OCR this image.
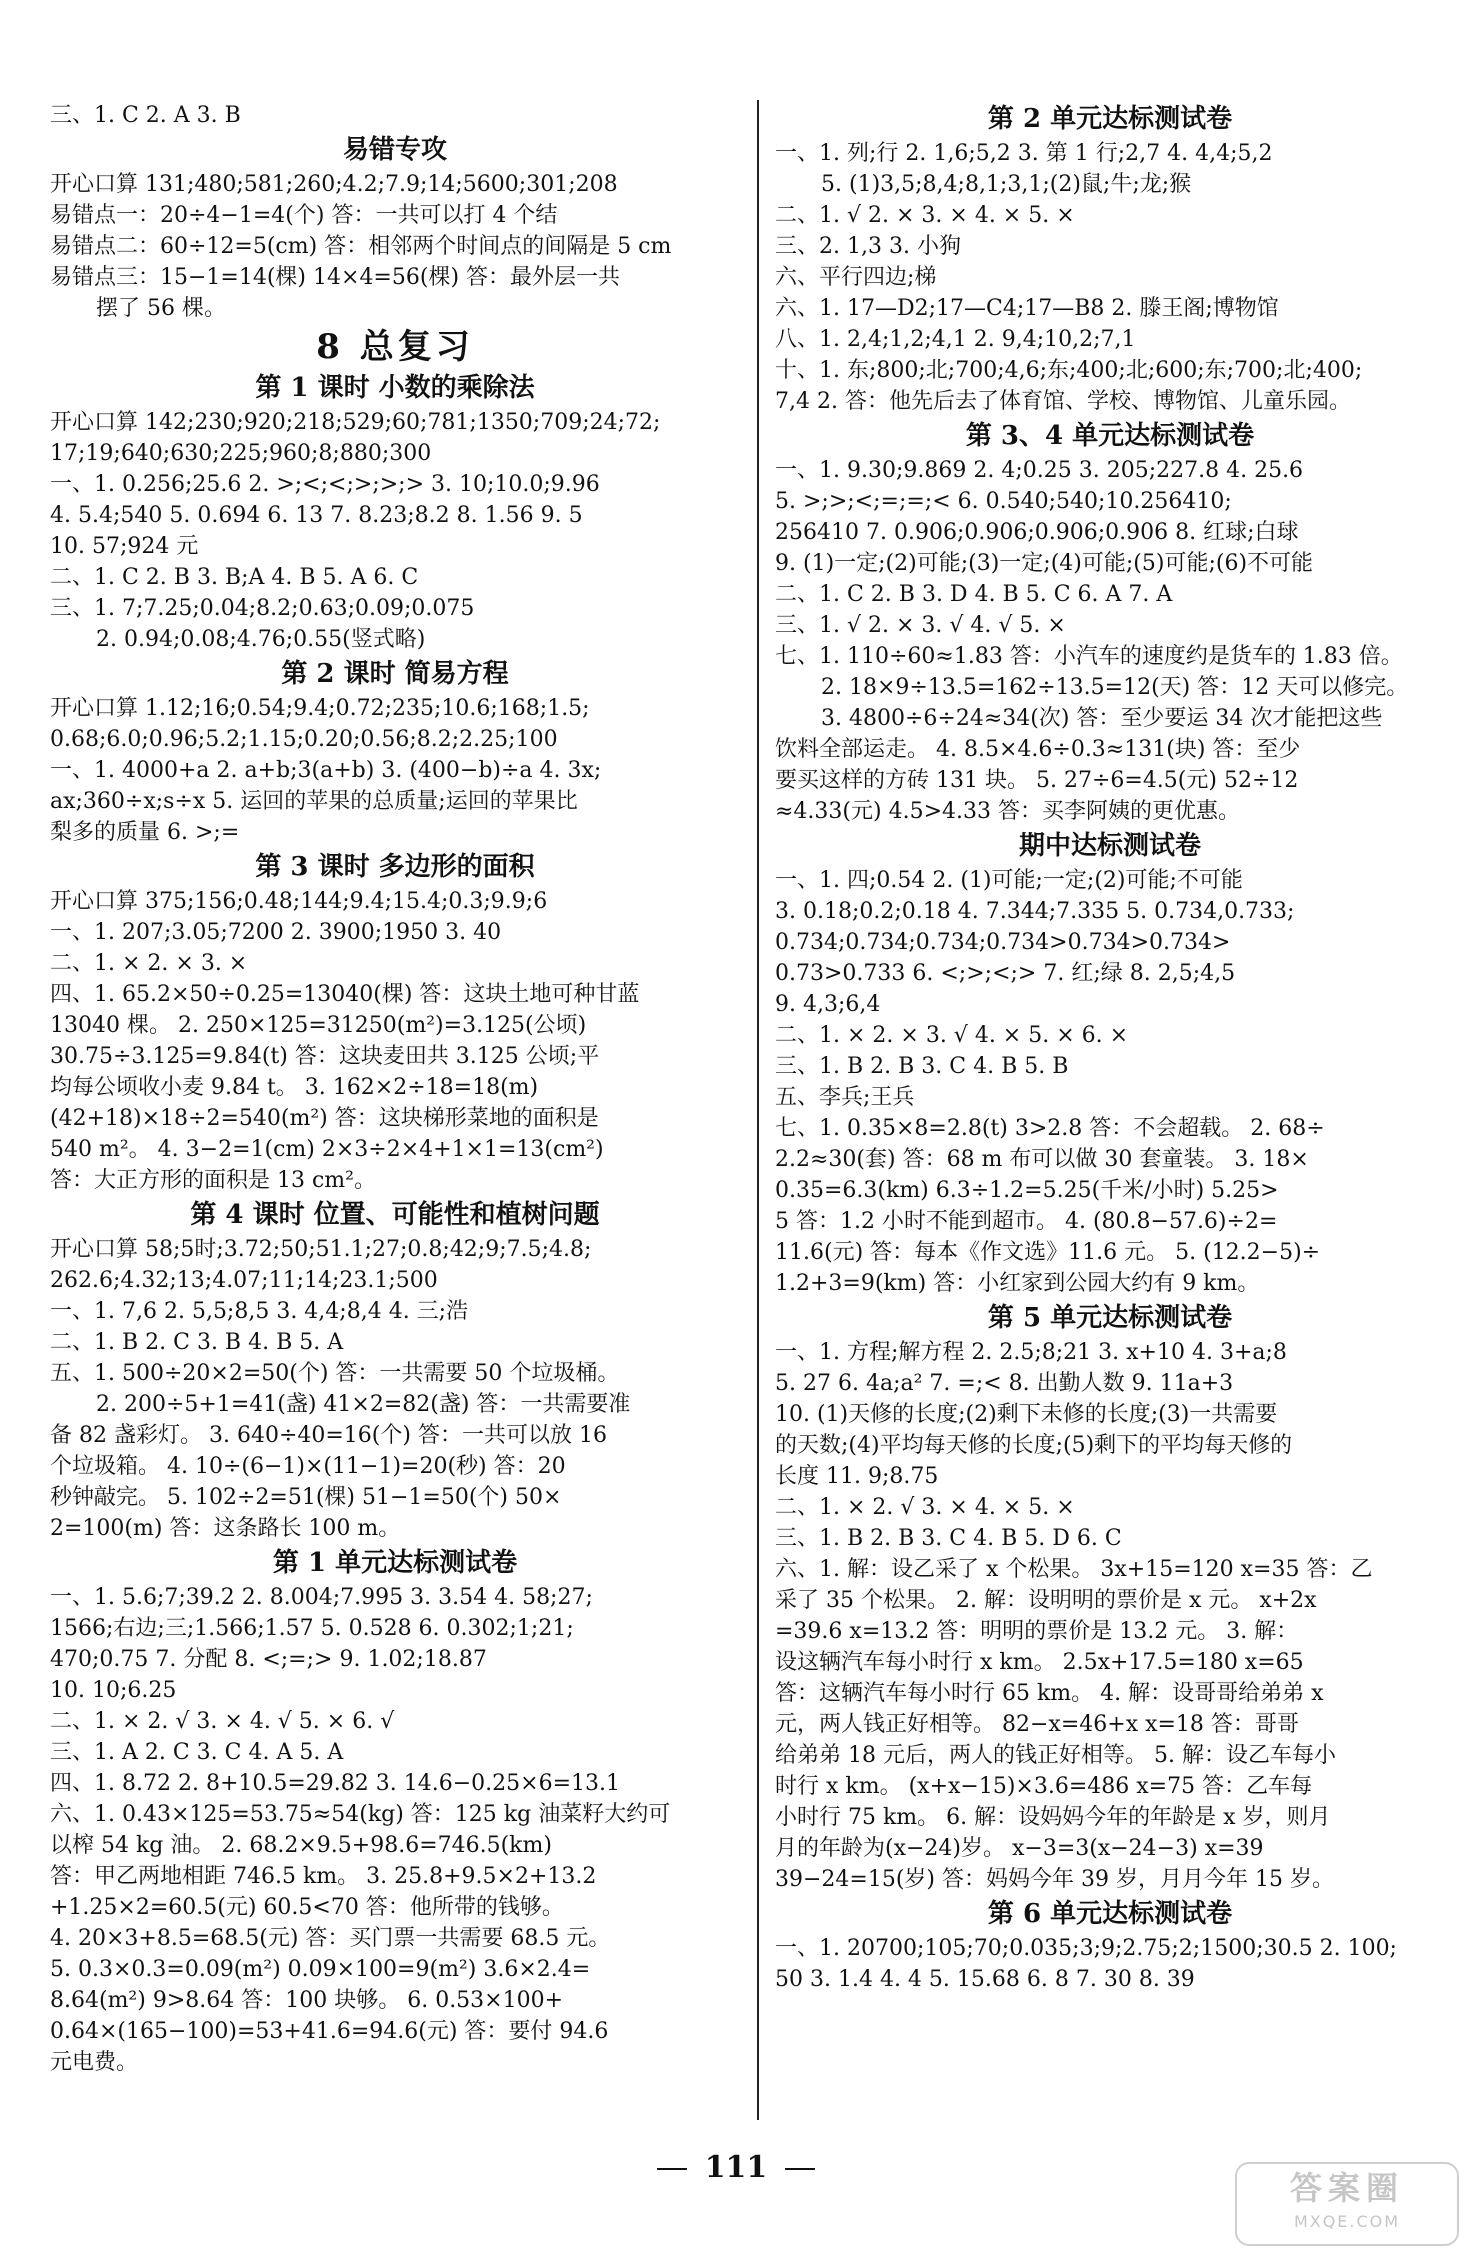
三、1. C 2. A 3. B
易错专攻
开心口算 131;480;581;260;4.2;7.9;14;5600;301;208
易错点一：20÷4−1=4(个) 答：一共可以打 4 个结
易错点二：60÷12=5(cm) 答：相邻两个时间点的间隔是 5 cm
易错点三：15−1=14(棵) 14×4=56(棵) 答：最外层一共
摆了 56 棵。
8 总复习
第 1 课时 小数的乘除法
开心口算 142;230;920;218;529;60;781;1350;709;24;72;
17;19;640;630;225;960;8;880;300
一、1. 0.256;25.6 2. >;<;<;>;>;> 3. 10;10.0;9.96
4. 5.4;540 5. 0.694 6. 13 7. 8.23;8.2 8. 1.56 9. 5
10. 57;924 元
二、1. C 2. B 3. B;A 4. B 5. A 6. C
三、1. 7;7.25;0.04;8.2;0.63;0.09;0.075
2. 0.94;0.08;4.76;0.55(竖式略)
第 2 课时 简易方程
开心口算 1.12;16;0.54;9.4;0.72;235;10.6;168;1.5;
0.68;6.0;0.96;5.2;1.15;0.20;0.56;8.2;2.25;100
一、1. 4000+a 2. a+b;3(a+b) 3. (400−b)÷a 4. 3x;
ax;360÷x;s÷x 5. 运回的苹果的总质量;运回的苹果比
梨多的质量 6. >;=
第 3 课时 多边形的面积
开心口算 375;156;0.48;144;9.4;15.4;0.3;9.9;6
一、1. 207;3.05;7200 2. 3900;1950 3. 40
二、1. × 2. × 3. ×
四、1. 65.2×50÷0.25=13040(棵) 答：这块土地可种甘蓝
13040 棵。 2. 250×125=31250(m²)=3.125(公顷)
30.75÷3.125=9.84(t) 答：这块麦田共 3.125 公顷;平
均每公顷收小麦 9.84 t。 3. 162×2÷18=18(m)
(42+18)×18÷2=540(m²) 答：这块梯形菜地的面积是
540 m²。 4. 3−2=1(cm) 2×3÷2×4+1×1=13(cm²)
答：大正方形的面积是 13 cm²。
第 4 课时 位置、可能性和植树问题
开心口算 58;5时;3.72;50;51.1;27;0.8;42;9;7.5;4.8;
262.6;4.32;13;4.07;11;14;23.1;500
一、1. 7,6 2. 5,5;8,5 3. 4,4;8,4 4. 三;浩
二、1. B 2. C 3. B 4. B 5. A
五、1. 500÷20×2=50(个) 答：一共需要 50 个垃圾桶。
2. 200÷5+1=41(盏) 41×2=82(盏) 答：一共需要准
备 82 盏彩灯。 3. 640÷40=16(个) 答：一共可以放 16
个垃圾箱。 4. 10÷(6−1)×(11−1)=20(秒) 答：20
秒钟敲完。 5. 102÷2=51(棵) 51−1=50(个) 50×
2=100(m) 答：这条路长 100 m。
第 1 单元达标测试卷
一、1. 5.6;7;39.2 2. 8.004;7.995 3. 3.54 4. 58;27;
1566;右边;三;1.566;1.57 5. 0.528 6. 0.302;1;21;
470;0.75 7. 分配 8. <;=;> 9. 1.02;18.87
10. 10;6.25
二、1. × 2. √ 3. × 4. √ 5. × 6. √
三、1. A 2. C 3. C 4. A 5. A
四、1. 8.72 2. 8+10.5=29.82 3. 14.6−0.25×6=13.1
六、1. 0.43×125=53.75≈54(kg) 答：125 kg 油菜籽大约可
以榨 54 kg 油。 2. 68.2×9.5+98.6=746.5(km)
答：甲乙两地相距 746.5 km。 3. 25.8+9.5×2+13.2
+1.25×2=60.5(元) 60.5<70 答：他所带的钱够。
4. 20×3+8.5=68.5(元) 答：买门票一共需要 68.5 元。
5. 0.3×0.3=0.09(m²) 0.09×100=9(m²) 3.6×2.4=
8.64(m²) 9>8.64 答：100 块够。 6. 0.53×100+
0.64×(165−100)=53+41.6=94.6(元) 答：要付 94.6
元电费。
第 2 单元达标测试卷
一、1. 列;行 2. 1,6;5,2 3. 第 1 行;2,7 4. 4,4;5,2
5. (1)3,5;8,4;8,1;3,1;(2)鼠;牛;龙;猴
二、1. √ 2. × 3. × 4. × 5. ×
三、2. 1,3 3. 小狗
六、平行四边;梯
六、1. 17—D2;17—C4;17—B8 2. 滕王阁;博物馆
八、1. 2,4;1,2;4,1 2. 9,4;10,2;7,1
十、1. 东;800;北;700;4,6;东;400;北;600;东;700;北;400;
7,4 2. 答：他先后去了体育馆、学校、博物馆、儿童乐园。
第 3、4 单元达标测试卷
一、1. 9.30;9.869 2. 4;0.25 3. 205;227.8 4. 25.6
5. >;>;<;=;=;< 6. 0.540;540;10.256410;
256410 7. 0.906;0.906;0.906;0.906 8. 红球;白球
9. (1)一定;(2)可能;(3)一定;(4)可能;(5)可能;(6)不可能
二、1. C 2. B 3. D 4. B 5. C 6. A 7. A
三、1. √ 2. × 3. √ 4. √ 5. ×
七、1. 110÷60≈1.83 答：小汽车的速度约是货车的 1.83 倍。
2. 18×9÷13.5=162÷13.5=12(天) 答：12 天可以修完。
3. 4800÷6÷24≈34(次) 答：至少要运 34 次才能把这些
饮料全部运走。 4. 8.5×4.6÷0.3≈131(块) 答：至少
要买这样的方砖 131 块。 5. 27÷6=4.5(元) 52÷12
≈4.33(元) 4.5>4.33 答：买李阿姨的更优惠。
期中达标测试卷
一、1. 四;0.54 2. (1)可能;一定;(2)可能;不可能
3. 0.18;0.2;0.18 4. 7.344;7.335 5. 0.734,0.733;
0.734;0.734;0.734;0.734>0.734>0.734>
0.73>0.733 6. <;>;<;> 7. 红;绿 8. 2,5;4,5
9. 4,3;6,4
二、1. × 2. × 3. √ 4. × 5. × 6. ×
三、1. B 2. B 3. C 4. B 5. B
五、李兵;王兵
七、1. 0.35×8=2.8(t) 3>2.8 答：不会超载。 2. 68÷
2.2≈30(套) 答：68 m 布可以做 30 套童装。 3. 18×
0.35=6.3(km) 6.3÷1.2=5.25(千米/小时) 5.25>
5 答：1.2 小时不能到超市。 4. (80.8−57.6)÷2=
11.6(元) 答：每本《作文选》11.6 元。 5. (12.2−5)÷
1.2+3=9(km) 答：小红家到公园大约有 9 km。
第 5 单元达标测试卷
一、1. 方程;解方程 2. 2.5;8;21 3. x+10 4. 3+a;8
5. 27 6. 4a;a² 7. =;< 8. 出勤人数 9. 11a+3
10. (1)天修的长度;(2)剩下未修的长度;(3)一共需要
的天数;(4)平均每天修的长度;(5)剩下的平均每天修的
长度 11. 9;8.75
二、1. × 2. √ 3. × 4. × 5. ×
三、1. B 2. B 3. C 4. B 5. D 6. C
六、1. 解：设乙采了 x 个松果。 3x+15=120 x=35 答：乙
采了 35 个松果。 2. 解：设明明的票价是 x 元。 x+2x
=39.6 x=13.2 答：明明的票价是 13.2 元。 3. 解：
设这辆汽车每小时行 x km。 2.5x+17.5=180 x=65
答：这辆汽车每小时行 65 km。 4. 解：设哥哥给弟弟 x
元，两人钱正好相等。 82−x=46+x x=18 答：哥哥
给弟弟 18 元后，两人的钱正好相等。 5. 解：设乙车每小
时行 x km。 (x+x−15)×3.6=486 x=75 答：乙车每
小时行 75 km。 6. 解：设妈妈今年的年龄是 x 岁，则月
月的年龄为(x−24)岁。 x−3=3(x−24−3) x=39
39−24=15(岁) 答：妈妈今年 39 岁，月月今年 15 岁。
第 6 单元达标测试卷
一、1. 20700;105;70;0.035;3;9;2.75;2;1500;30.5 2. 100;
50 3. 1.4 4. 4 5. 15.68 6. 8 7. 30 8. 39
111
答案圈
MXQE.COM
